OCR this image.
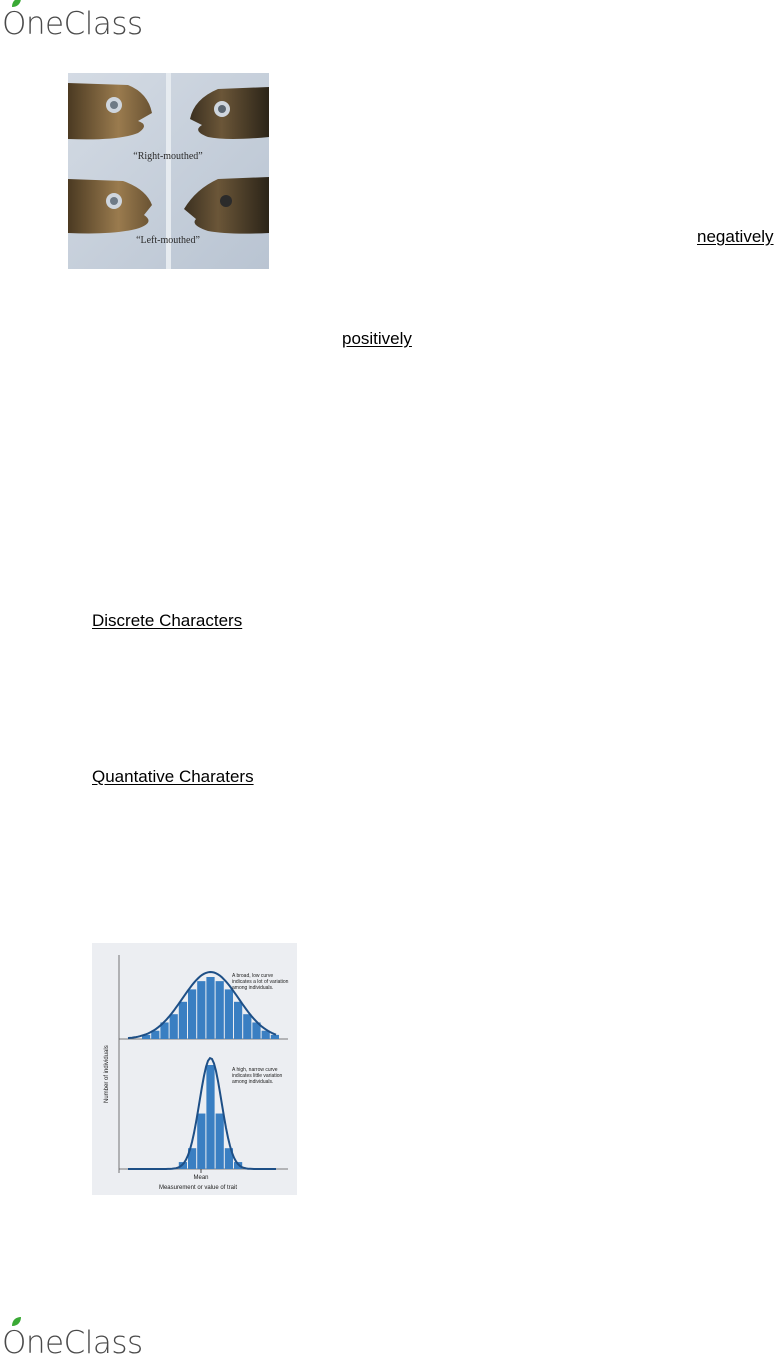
OneClass
“Right-mouthed”
“Left-mouthed”	negatively
positively
Discrete Characters
Quantative Charaters
Number of individuals
Mean
Measurement or value of trait
A broad, low curve indicates a lot of variation among individuals.
A high, narrow curve indicates little variation among individuals.
OneClass
